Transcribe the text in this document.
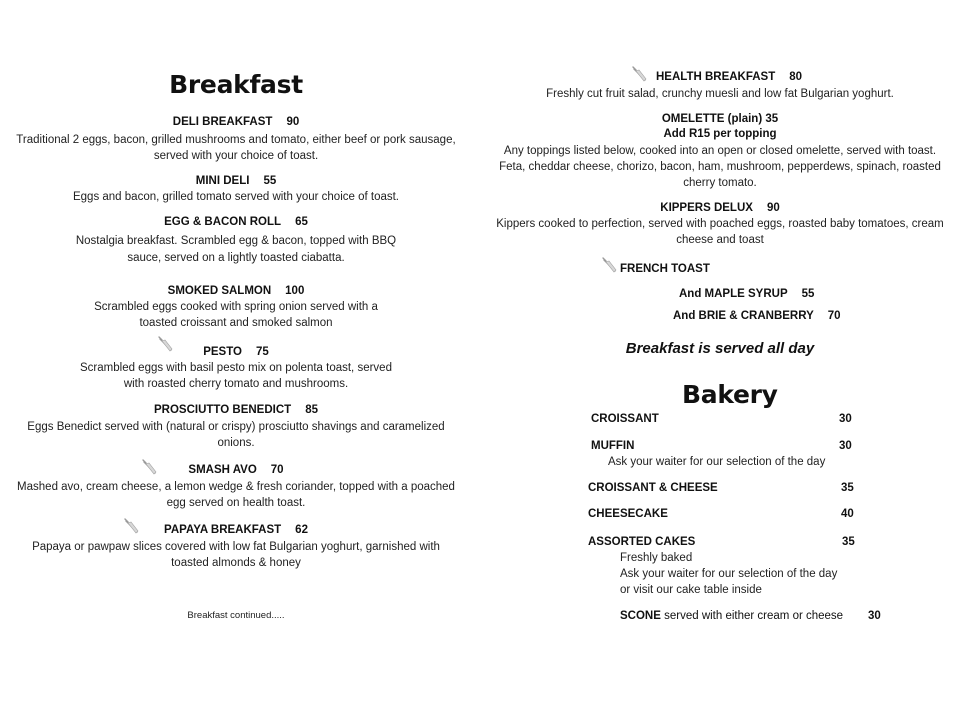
Breakfast
DELI BREAKFAST 90
Traditional 2 eggs, bacon, grilled mushrooms and tomato, either beef or pork sausage,
served with your choice of toast.
MINI DELI 55
Eggs and bacon, grilled tomato served with your choice of toast.
EGG & BACON ROLL 65
Nostalgia breakfast. Scrambled egg & bacon, topped with BBQ
sauce, served on a lightly toasted ciabatta.
SMOKED SALMON 100
Scrambled eggs cooked with spring onion served with a
toasted croissant and smoked salmon
PESTO 75
Scrambled eggs with basil pesto mix on polenta toast, served
with roasted cherry tomato and mushrooms.
PROSCIUTTO BENEDICT 85
Eggs Benedict served with (natural or crispy) prosciutto shavings and caramelized
onions.
SMASH AVO 70
Mashed avo, cream cheese, a lemon wedge & fresh coriander, topped with a poached
egg served on health toast.
PAPAYA BREAKFAST 62
Papaya or pawpaw slices covered with low fat Bulgarian yoghurt, garnished with
toasted almonds & honey
Breakfast continued.....
HEALTH BREAKFAST 80
Freshly cut fruit salad, crunchy muesli and low fat Bulgarian yoghurt.
OMELETTE (plain) 35
Add R15 per topping
Any toppings listed below, cooked into an open or closed omelette, served with toast.
Feta, cheddar cheese, chorizo, bacon, ham, mushroom, pepperdews, spinach, roasted
cherry tomato.
KIPPERS DELUX 90
Kippers cooked to perfection, served with poached eggs, roasted baby tomatoes, cream
cheese and toast
FRENCH TOAST
And MAPLE SYRUP 55
And BRIE & CRANBERRY 70
Breakfast is served all day
Bakery
CROISSANT	30
MUFFIN	30
Ask your waiter for our selection of the day
CROISSANT & CHEESE	35
CHEESECAKE	40
ASSORTED CAKES	35
Freshly baked
Ask your waiter for our selection of the day
or visit our cake table inside
SCONE served with either cream or cheese 30
